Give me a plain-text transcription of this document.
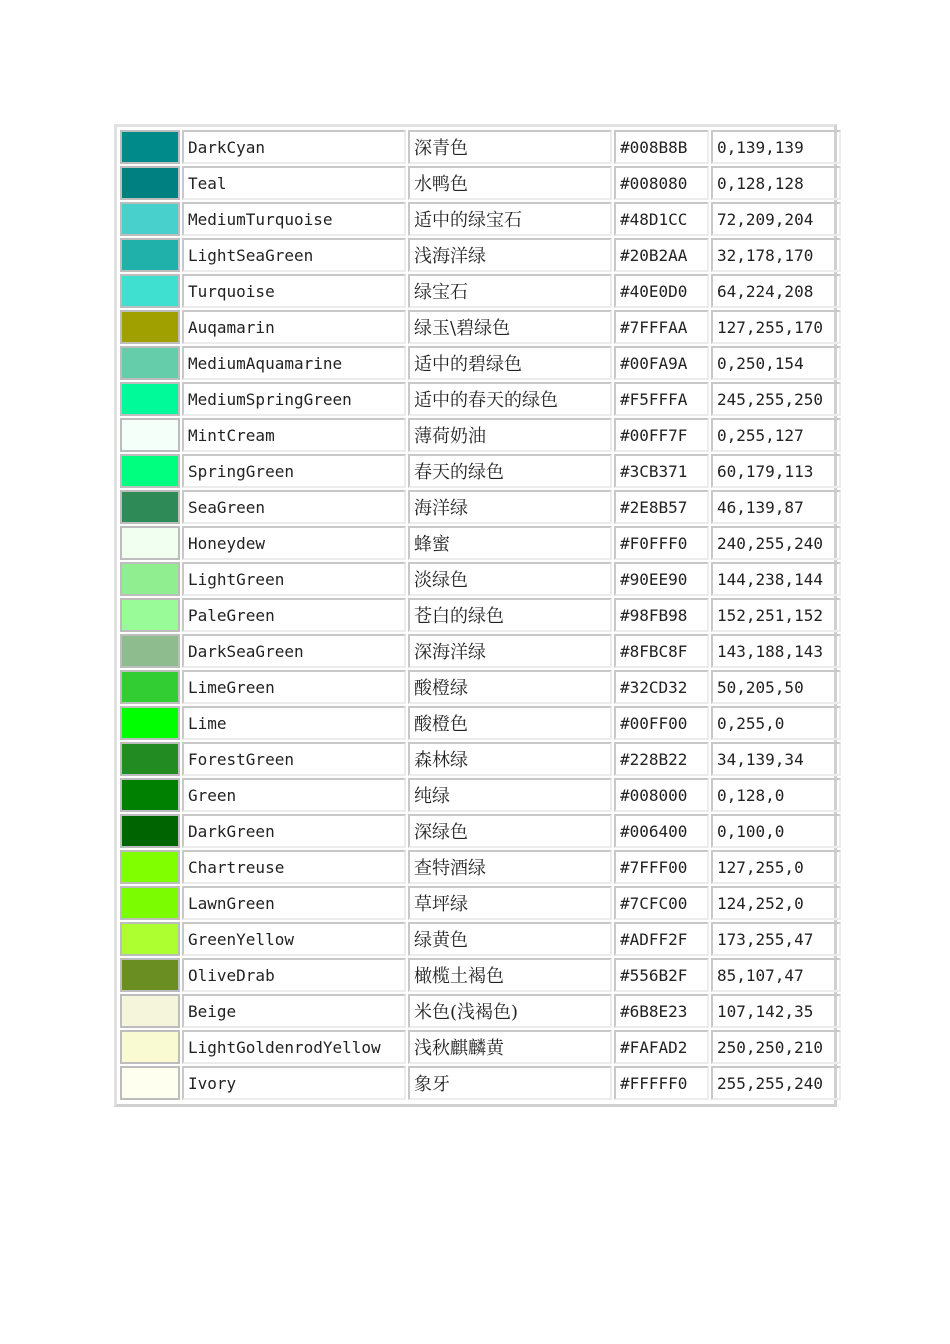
	DarkCyan	深青色	#008B8B	0,139,139

	Teal	水鸭色	#008080	0,128,128

	MediumTurquoise	适中的绿宝石	#48D1CC	72,209,204

	LightSeaGreen	浅海洋绿	#20B2AA	32,178,170

	Turquoise	绿宝石	#40E0D0	64,224,208

	Auqamarin	绿玉\碧绿色	#7FFFAA	127,255,170

	MediumAquamarine	适中的碧绿色	#00FA9A	0,250,154

	MediumSpringGreen	适中的春天的绿色	#F5FFFA	245,255,250

	MintCream	薄荷奶油	#00FF7F	0,255,127

	SpringGreen	春天的绿色	#3CB371	60,179,113

	SeaGreen	海洋绿	#2E8B57	46,139,87

	Honeydew	蜂蜜	#F0FFF0	240,255,240

	LightGreen	淡绿色	#90EE90	144,238,144

	PaleGreen	苍白的绿色	#98FB98	152,251,152

	DarkSeaGreen	深海洋绿	#8FBC8F	143,188,143

	LimeGreen	酸橙绿	#32CD32	50,205,50

	Lime	酸橙色	#00FF00	0,255,0

	ForestGreen	森林绿	#228B22	34,139,34

	Green	纯绿	#008000	0,128,0

	DarkGreen	深绿色	#006400	0,100,0

	Chartreuse	查特酒绿	#7FFF00	127,255,0

	LawnGreen	草坪绿	#7CFC00	124,252,0

	GreenYellow	绿黄色	#ADFF2F	173,255,47

	OliveDrab	橄榄土褐色	#556B2F	85,107,47

	Beige	米色(浅褐色)	#6B8E23	107,142,35

	LightGoldenrodYellow	浅秋麒麟黄	#FAFAD2	250,250,210

	Ivory	象牙	#FFFFF0	255,255,240
